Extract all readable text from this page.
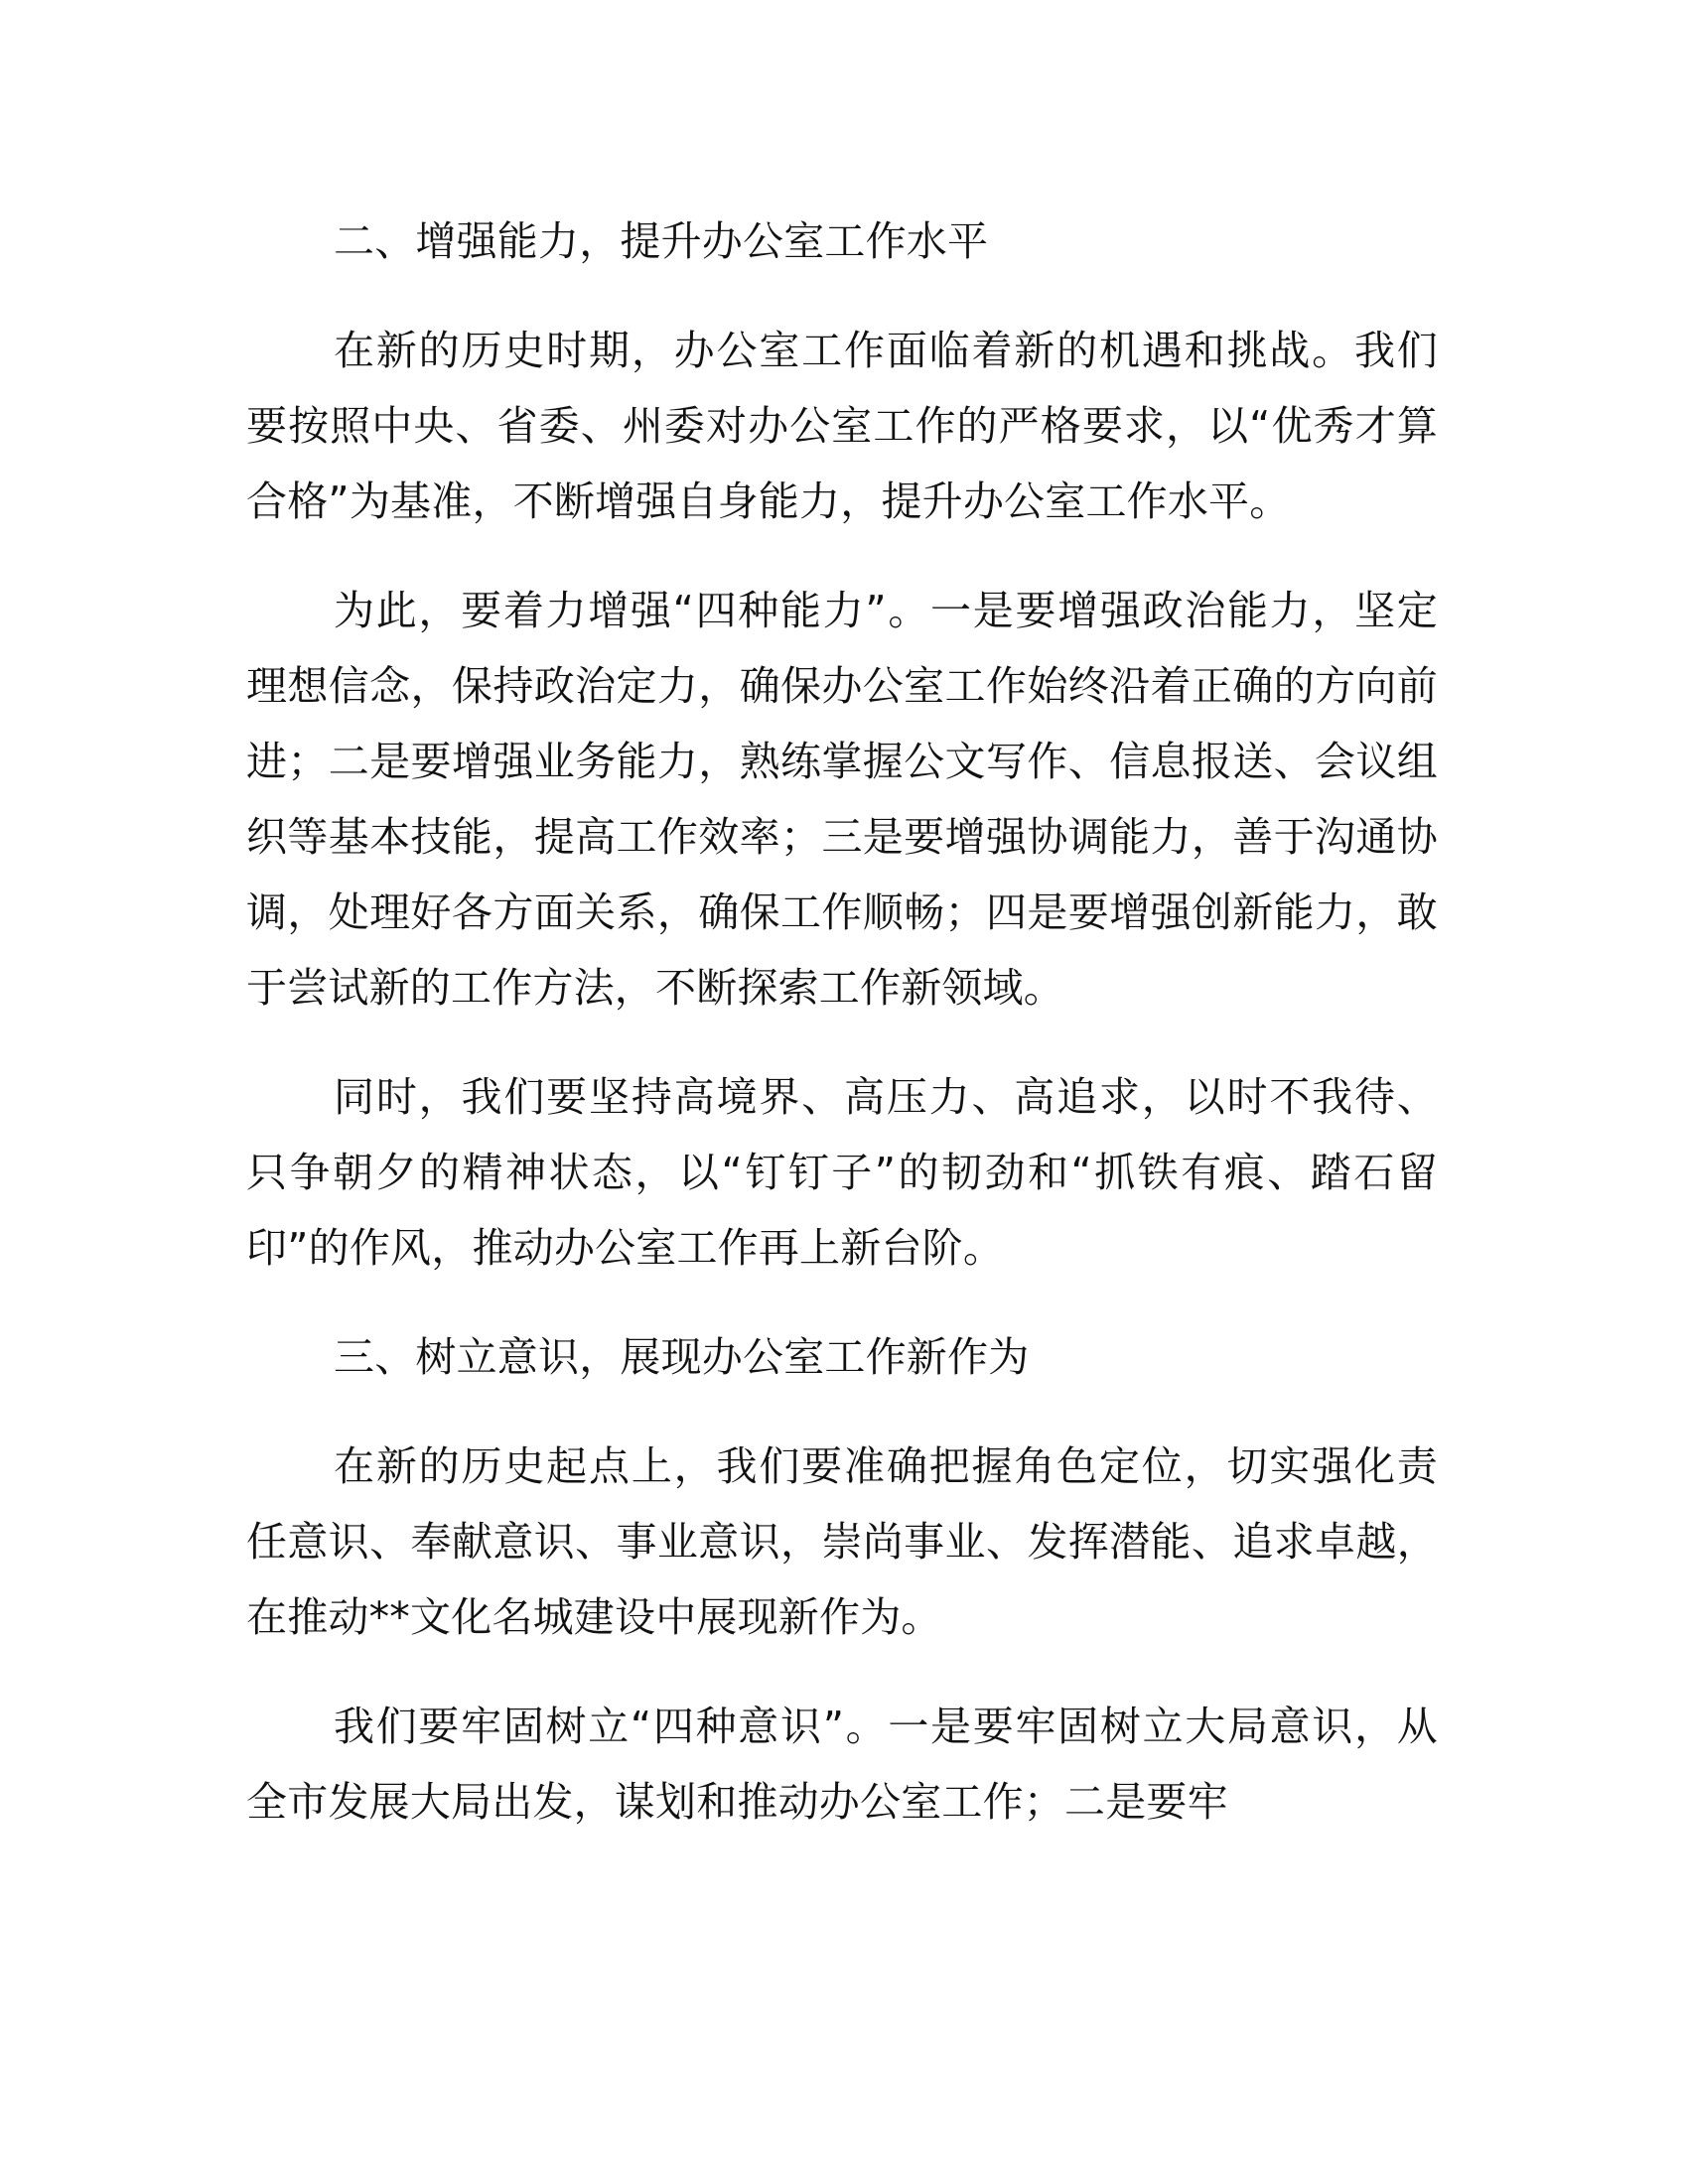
二、增强能力，提升办公室工作水平

在新的历史时期，办公室工作面临着新的机遇和挑战。我们要按照中央、省委、州委对办公室工作的严格要求，以“优秀才算合格”为基准，不断增强自身能力，提升办公室工作水平。

为此，要着力增强“四种能力”。一是要增强政治能力，坚定理想信念，保持政治定力，确保办公室工作始终沿着正确的方向前进；二是要增强业务能力，熟练掌握公文写作、信息报送、会议组织等基本技能，提高工作效率；三是要增强协调能力，善于沟通协调，处理好各方面关系，确保工作顺畅；四是要增强创新能力，敢于尝试新的工作方法，不断探索工作新领域。

同时，我们要坚持高境界、高压力、高追求，以时不我待、只争朝夕的精神状态，以“钉钉子”的韧劲和“抓铁有痕、踏石留印”的作风，推动办公室工作再上新台阶。

三、树立意识，展现办公室工作新作为

在新的历史起点上，我们要准确把握角色定位，切实强化责任意识、奉献意识、事业意识，崇尚事业、发挥潜能、追求卓越，在推动**文化名城建设中展现新作为。

我们要牢固树立“四种意识”。一是要牢固树立大局意识，从全市发展大局出发，谋划和推动办公室工作；二是要牢
